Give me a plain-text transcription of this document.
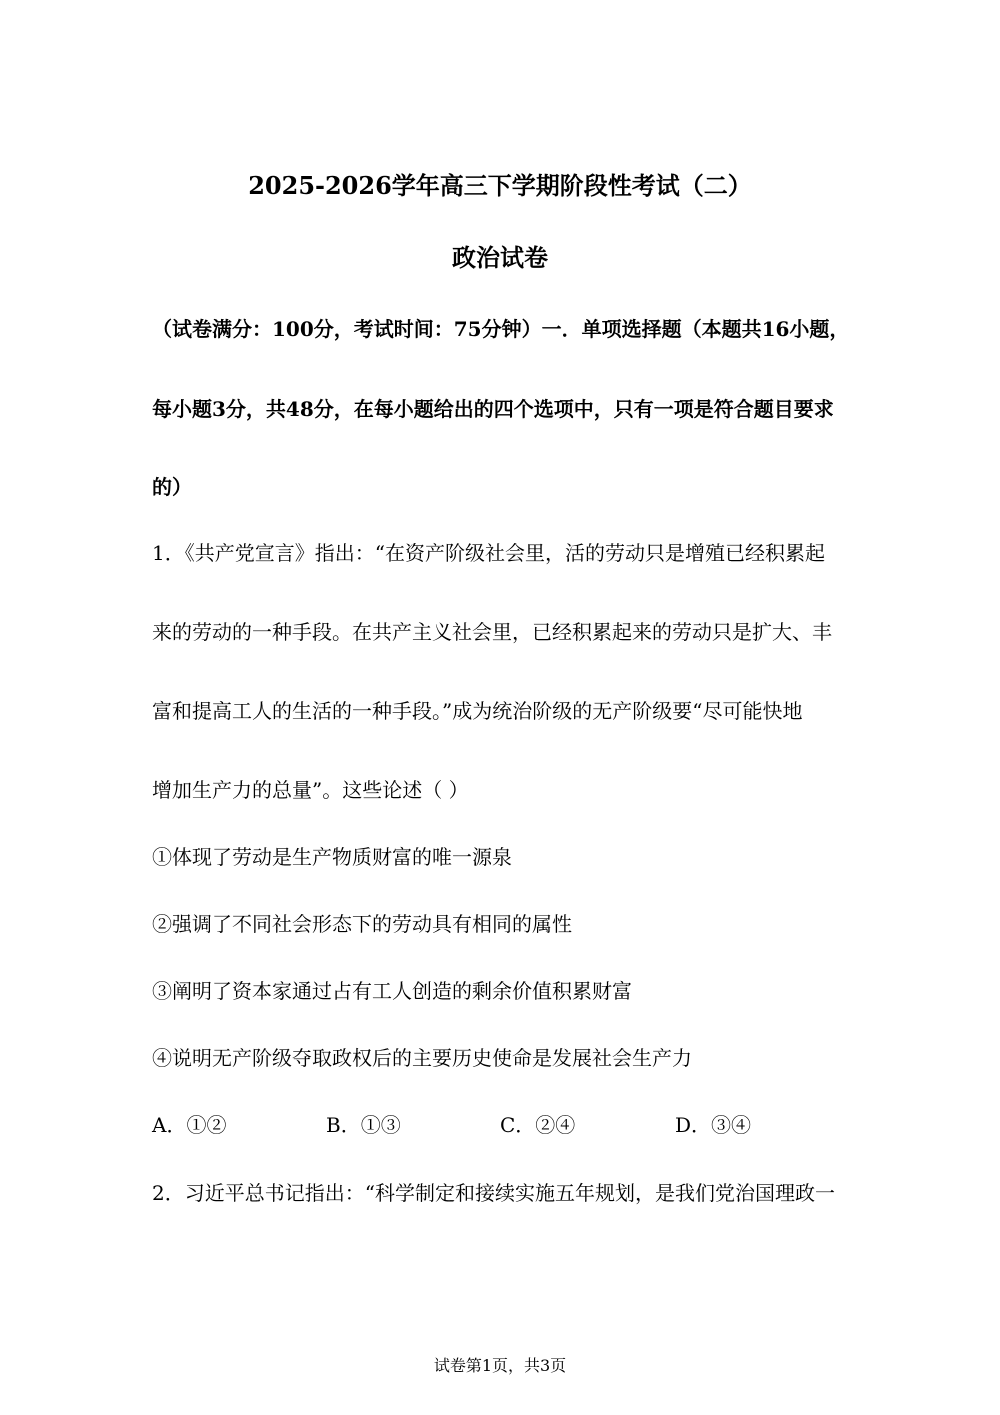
2025-2026学年高三下学期阶段性考试（二）
政治试卷
（试卷满分：100分，考试时间：75分钟）一．单项选择题（本题共16小题，
每小题3分，共48分，在每小题给出的四个选项中，只有一项是符合题目要求
的）
1．《共产党宣言》指出：“在资产阶级社会里，活的劳动只是增殖已经积累起
来的劳动的一种手段。在共产主义社会里，已经积累起来的劳动只是扩大、丰
富和提高工人的生活的一种手段。”成为统治阶级的无产阶级要“尽可能快地
增加生产力的总量”。这些论述（ ）
①体现了劳动是生产物质财富的唯一源泉
②强调了不同社会形态下的劳动具有相同的属性
③阐明了资本家通过占有工人创造的剩余价值积累财富
④说明无产阶级夺取政权后的主要历史使命是发展社会生产力
A．①②	B．①③	C．②④	D．③④
2．习近平总书记指出：“科学制定和接续实施五年规划，是我们党治国理政一
试卷第1页，共3页
